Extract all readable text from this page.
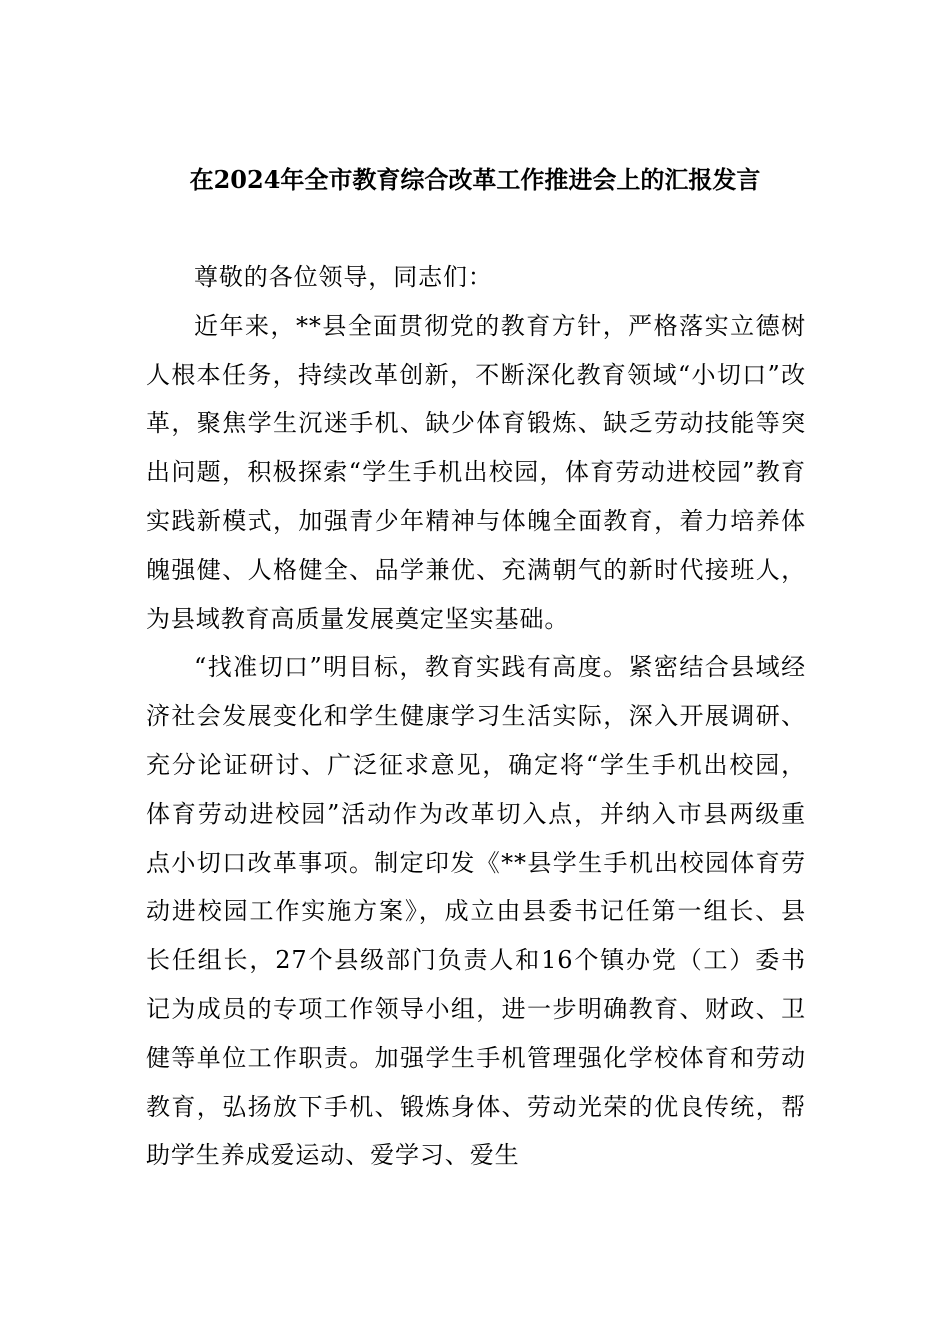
在2024年全市教育综合改革工作推进会上的汇报发言

尊敬的各位领导，同志们：

近年来，**县全面贯彻党的教育方针，严格落实立德树人根本任务，持续改革创新，不断深化教育领域“小切口”改革，聚焦学生沉迷手机、缺少体育锻炼、缺乏劳动技能等突出问题，积极探索“学生手机出校园，体育劳动进校园”教育实践新模式，加强青少年精神与体魄全面教育，着力培养体魄强健、人格健全、品学兼优、充满朝气的新时代接班人，为县域教育高质量发展奠定坚实基础。

“找准切口”明目标，教育实践有高度。紧密结合县域经济社会发展变化和学生健康学习生活实际，深入开展调研、充分论证研讨、广泛征求意见，确定将“学生手机出校园，体育劳动进校园”活动作为改革切入点，并纳入市县两级重点小切口改革事项。制定印发《**县学生手机出校园体育劳动进校园工作实施方案》，成立由县委书记任第一组长、县长任组长，27个县级部门负责人和16个镇办党（工）委书记为成员的专项工作领导小组，进一步明确教育、财政、卫健等单位工作职责。加强学生手机管理强化学校体育和劳动教育，弘扬放下手机、锻炼身体、劳动光荣的优良传统，帮助学生养成爱运动、爱学习、爱生
